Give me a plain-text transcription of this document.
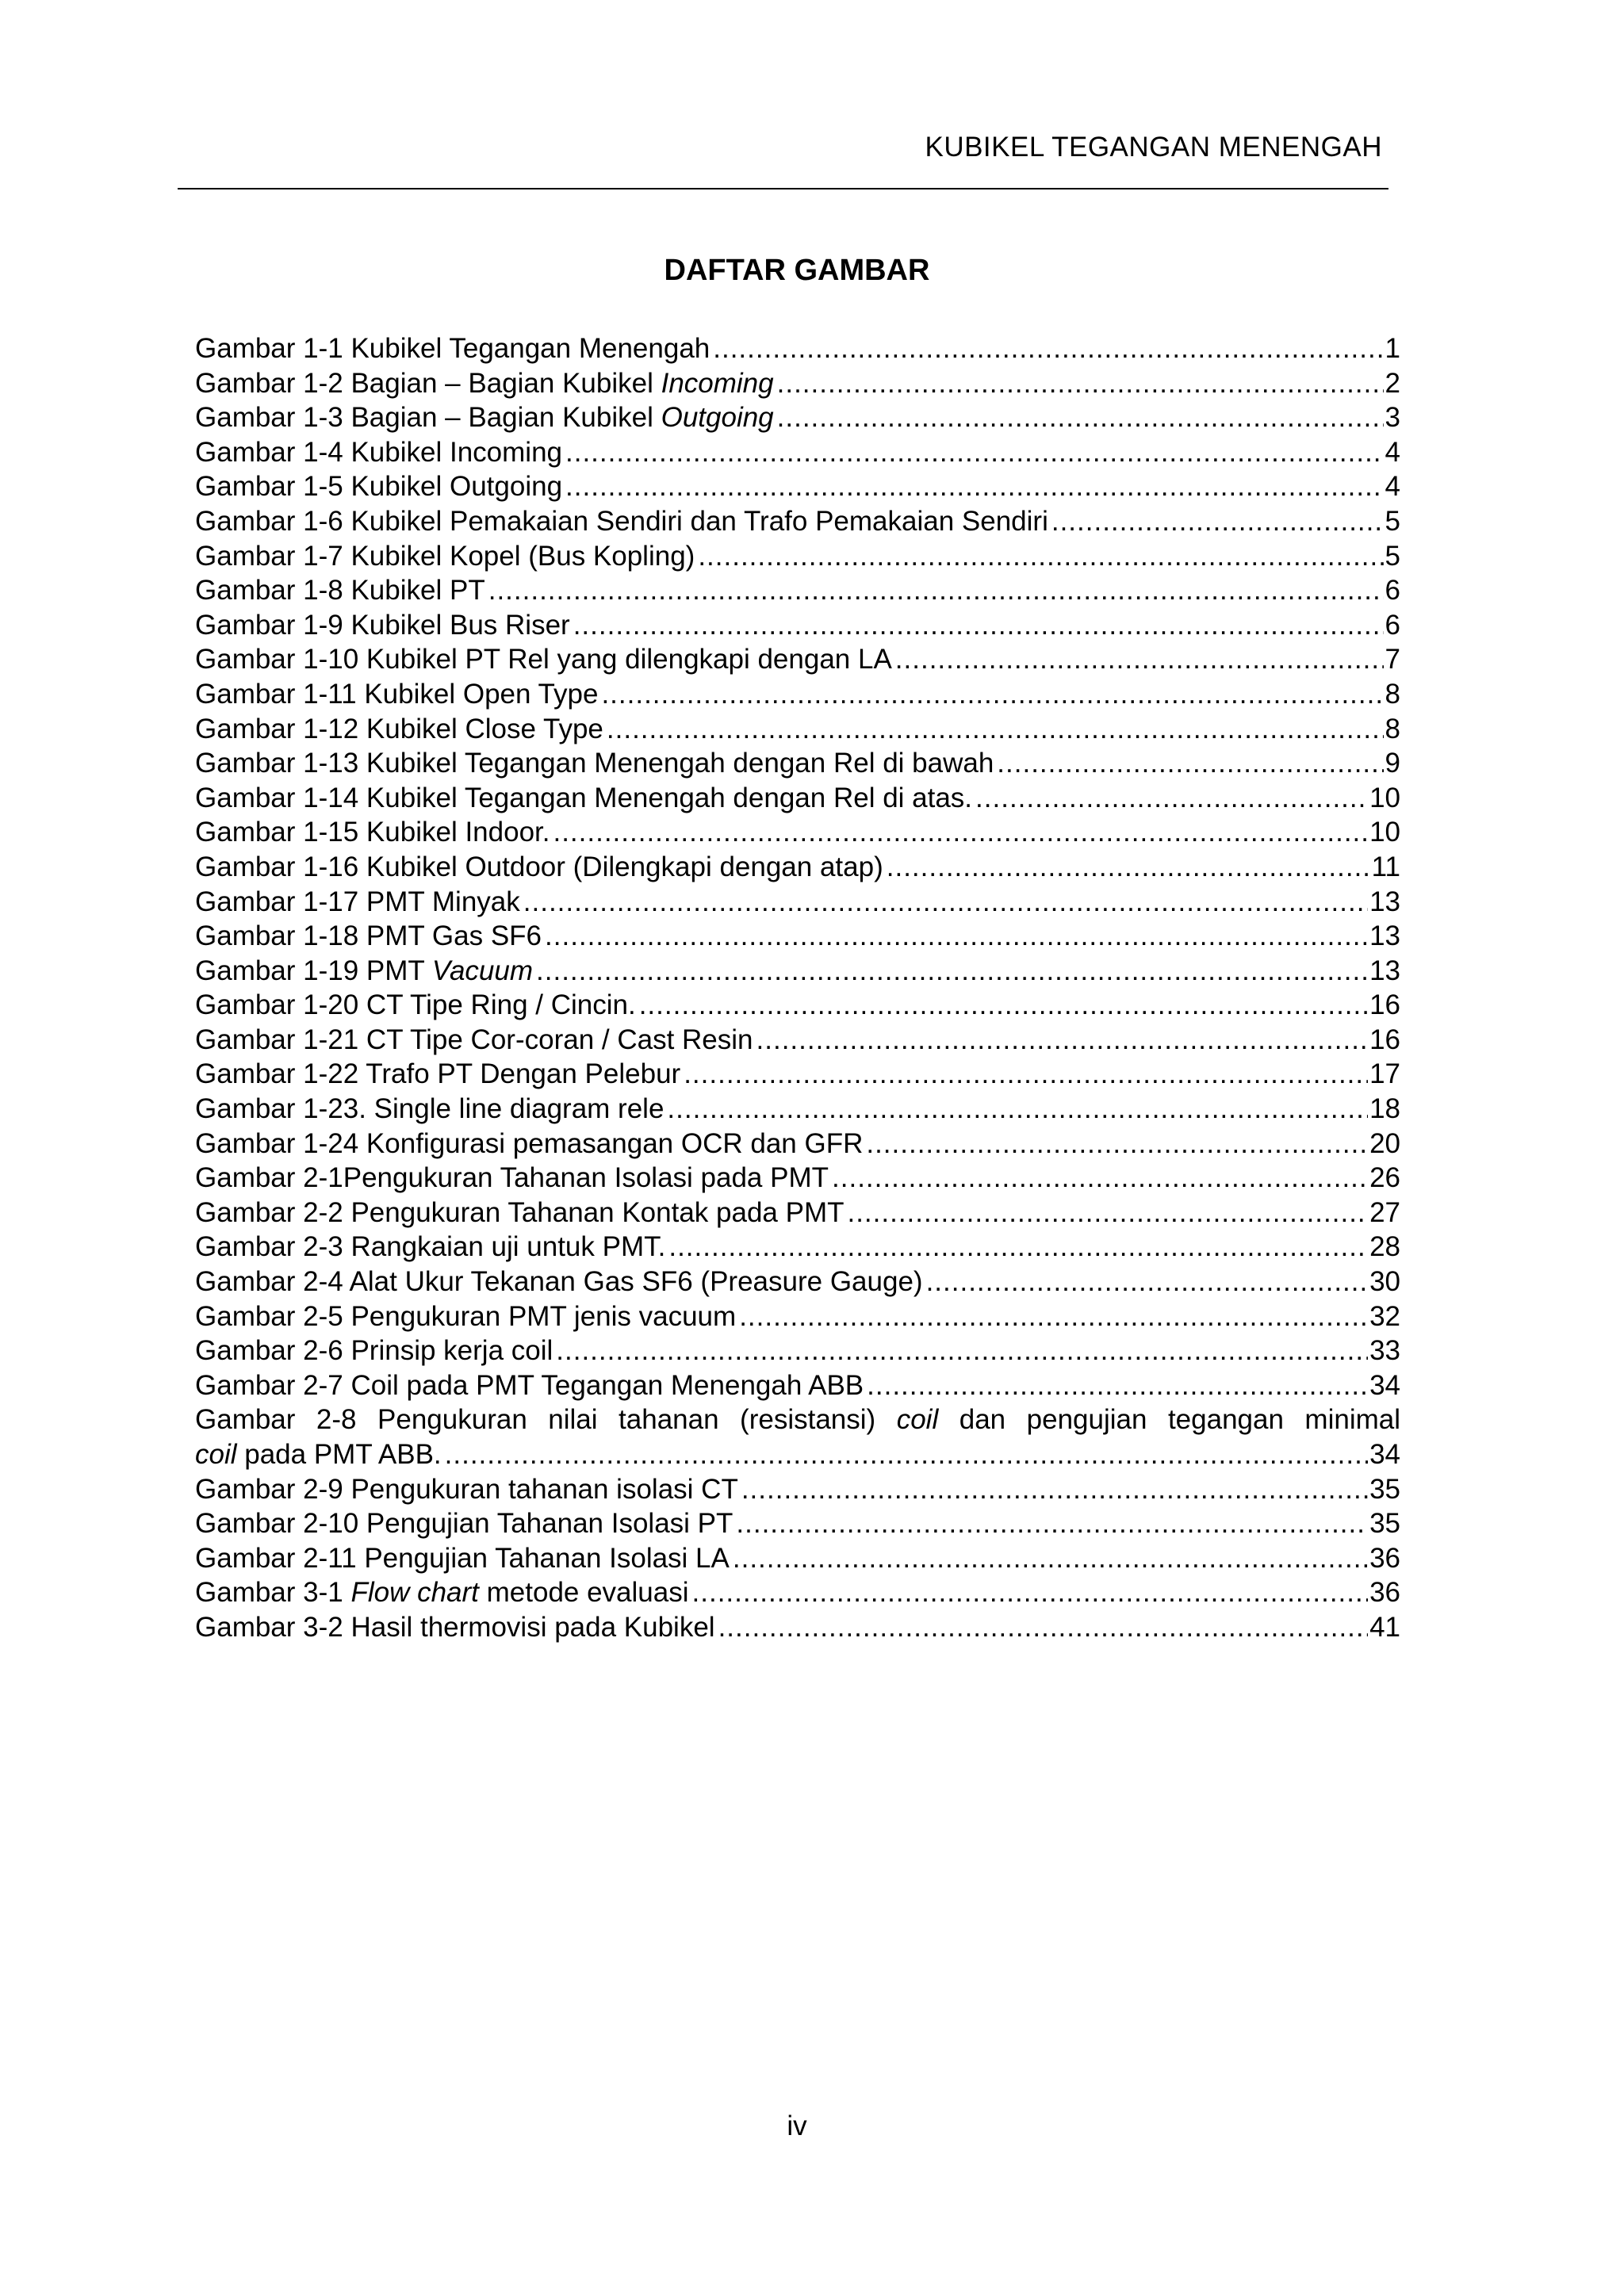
KUBIKEL TEGANGAN MENENGAH
DAFTAR GAMBAR
Gambar 1-1 Kubikel Tegangan Menengah .....	1
Gambar 1-2 Bagian – Bagian Kubikel Incoming .....	2
Gambar 1-3 Bagian – Bagian Kubikel Outgoing .....	3
Gambar 1-4 Kubikel Incoming .....	4
Gambar 1-5 Kubikel Outgoing .....	4
Gambar 1-6 Kubikel Pemakaian Sendiri dan Trafo Pemakaian Sendiri .....	5
Gambar 1-7 Kubikel Kopel (Bus Kopling) .....	5
Gambar 1-8 Kubikel PT .....	6
Gambar 1-9 Kubikel Bus Riser .....	6
Gambar 1-10 Kubikel PT Rel yang dilengkapi dengan LA .....	7
Gambar 1-11 Kubikel Open Type .....	8
Gambar 1-12 Kubikel Close Type .....	8
Gambar 1-13 Kubikel Tegangan Menengah dengan Rel di bawah .....	9
Gambar 1-14 Kubikel Tegangan Menengah dengan Rel di atas. .....	10
Gambar 1-15 Kubikel Indoor. .....	10
Gambar 1-16 Kubikel Outdoor (Dilengkapi dengan atap) .....	11
Gambar 1-17 PMT Minyak .....	13
Gambar 1-18 PMT Gas SF6 .....	13
Gambar 1-19 PMT Vacuum .....	13
Gambar 1-20 CT Tipe Ring / Cincin. .....	16
Gambar 1-21 CT Tipe Cor-coran / Cast Resin .....	16
Gambar 1-22 Trafo PT Dengan Pelebur .....	17
Gambar 1-23. Single line diagram rele .....	18
Gambar 1-24 Konfigurasi pemasangan OCR dan GFR .....	20
Gambar 2-1Pengukuran Tahanan Isolasi pada PMT .....	26
Gambar 2-2 Pengukuran Tahanan Kontak pada PMT .....	27
Gambar 2-3 Rangkaian uji untuk PMT. .....	28
Gambar 2-4 Alat Ukur Tekanan Gas SF6 (Preasure Gauge) .....	30
Gambar 2-5 Pengukuran PMT jenis vacuum .....	32
Gambar 2-6 Prinsip kerja coil .....	33
Gambar 2-7 Coil pada PMT Tegangan Menengah ABB .....	34
Gambar 2-8 Pengukuran nilai tahanan (resistansi) coil dan pengujian tegangan minimal
coil pada PMT ABB. .....	34
Gambar 2-9 Pengukuran tahanan isolasi CT .....	35
Gambar 2-10 Pengujian Tahanan Isolasi PT .....	35
Gambar 2-11 Pengujian Tahanan Isolasi LA .....	36
Gambar 3-1 Flow chart metode evaluasi .....	36
Gambar 3-2 Hasil thermovisi pada Kubikel .....	41
iv
